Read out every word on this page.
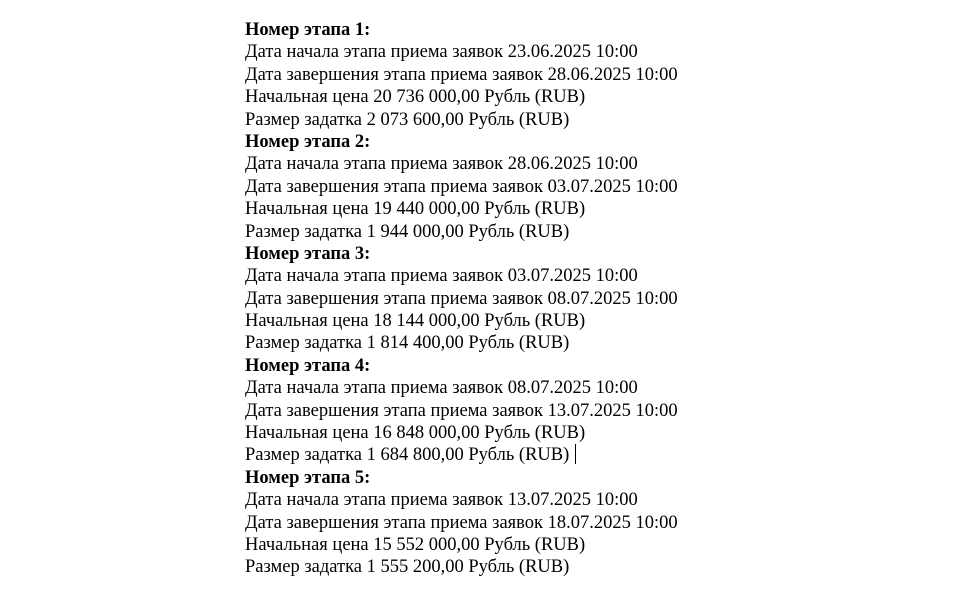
Номер этапа 1:
Дата начала этапа приема заявок 23.06.2025 10:00
Дата завершения этапа приема заявок 28.06.2025 10:00
Начальная цена 20 736 000,00 Рубль (RUB)
Размер задатка 2 073 600,00 Рубль (RUB)
Номер этапа 2:
Дата начала этапа приема заявок 28.06.2025 10:00
Дата завершения этапа приема заявок 03.07.2025 10:00
Начальная цена 19 440 000,00 Рубль (RUB)
Размер задатка 1 944 000,00 Рубль (RUB)
Номер этапа 3:
Дата начала этапа приема заявок 03.07.2025 10:00
Дата завершения этапа приема заявок 08.07.2025 10:00
Начальная цена 18 144 000,00 Рубль (RUB)
Размер задатка 1 814 400,00 Рубль (RUB)
Номер этапа 4:
Дата начала этапа приема заявок 08.07.2025 10:00
Дата завершения этапа приема заявок 13.07.2025 10:00
Начальная цена 16 848 000,00 Рубль (RUB)
Размер задатка 1 684 800,00 Рубль (RUB)
Номер этапа 5:
Дата начала этапа приема заявок 13.07.2025 10:00
Дата завершения этапа приема заявок 18.07.2025 10:00
Начальная цена 15 552 000,00 Рубль (RUB)
Размер задатка 1 555 200,00 Рубль (RUB)
